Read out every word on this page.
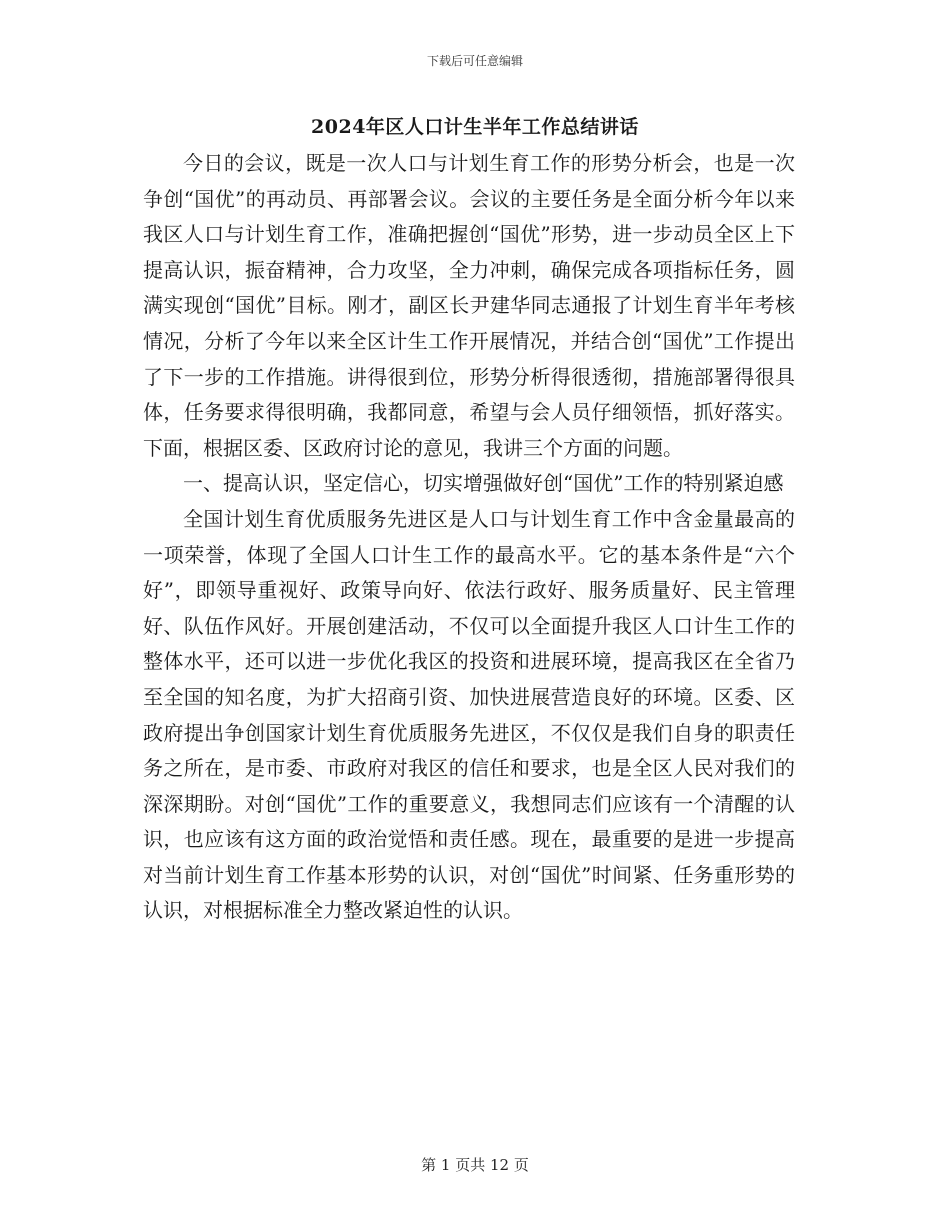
下载后可任意编辑
2024年区人口计生半年工作总结讲话

今日的会议，既是一次人口与计划生育工作的形势分析会，也是一次争创“国优”的再动员、再部署会议。会议的主要任务是全面分析今年以来我区人口与计划生育工作，准确把握创“国优”形势，进一步动员全区上下提高认识，振奋精神，合力攻坚，全力冲刺，确保完成各项指标任务，圆满实现创“国优”目标。刚才，副区长尹建华同志通报了计划生育半年考核情况，分析了今年以来全区计生工作开展情况，并结合创“国优”工作提出了下一步的工作措施。讲得很到位，形势分析得很透彻，措施部署得很具体，任务要求得很明确，我都同意，希望与会人员仔细领悟，抓好落实。下面，根据区委、区政府讨论的意见，我讲三个方面的问题。

一、提高认识，坚定信心，切实增强做好创“国优”工作的特别紧迫感

全国计划生育优质服务先进区是人口与计划生育工作中含金量最高的一项荣誉，体现了全国人口计生工作的最高水平。它的基本条件是“六个好”，即领导重视好、政策导向好、依法行政好、服务质量好、民主管理好、队伍作风好。开展创建活动，不仅可以全面提升我区人口计生工作的整体水平，还可以进一步优化我区的投资和进展环境，提高我区在全省乃至全国的知名度，为扩大招商引资、加快进展营造良好的环境。区委、区政府提出争创国家计划生育优质服务先进区，不仅仅是我们自身的职责任务之所在，是市委、市政府对我区的信任和要求，也是全区人民对我们的深深期盼。对创“国优”工作的重要意义，我想同志们应该有一个清醒的认识，也应该有这方面的政治觉悟和责任感。现在，最重要的是进一步提高对当前计划生育工作基本形势的认识，对创“国优”时间紧、任务重形势的认识，对根据标准全力整改紧迫性的认识。

第 1 页共 12 页
